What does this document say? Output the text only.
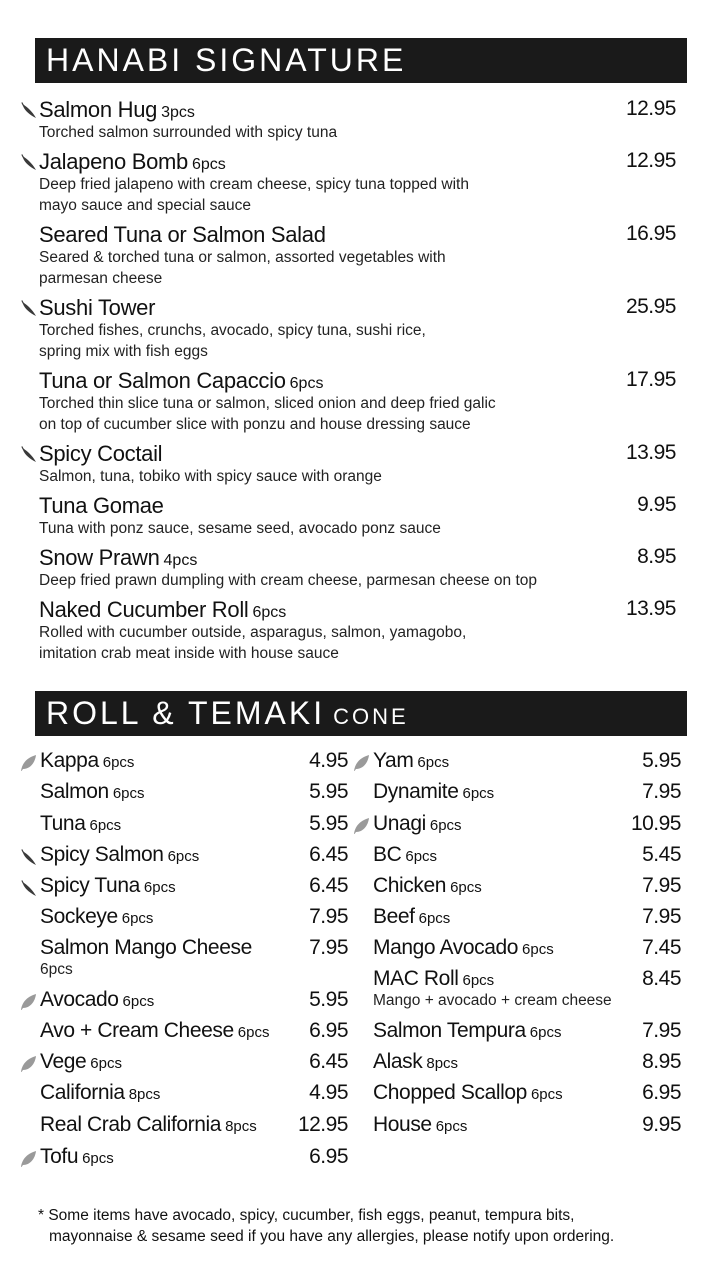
HANABI SIGNATURE
Salmon Hug 3pcs	12.95
Torched salmon surrounded with spicy tuna
Jalapeno Bomb 6pcs	12.95
Deep fried jalapeno with cream cheese, spicy tuna topped with
mayo sauce and special sauce
Seared Tuna or Salmon Salad	16.95
Seared & torched tuna or salmon, assorted vegetables with
parmesan cheese
Sushi Tower	25.95
Torched fishes, crunchs, avocado, spicy tuna, sushi rice,
spring mix with fish eggs
Tuna or Salmon Capaccio 6pcs	17.95
Torched thin slice tuna or salmon, sliced onion and deep fried galic
on top of cucumber slice with ponzu and house dressing sauce
Spicy Coctail	13.95
Salmon, tuna, tobiko with spicy sauce with orange
Tuna Gomae	9.95
Tuna with ponz sauce, sesame seed, avocado ponz sauce
Snow Prawn 4pcs	8.95
Deep fried prawn dumpling with cream cheese, parmesan cheese on top
Naked Cucumber Roll 6pcs	13.95
Rolled with cucumber outside, asparagus, salmon, yamagobo,
imitation crab meat inside with house sauce
ROLL & TEMAKI CONE
Kappa 6pcs	4.95
Salmon 6pcs	5.95
Tuna 6pcs	5.95
Spicy Salmon 6pcs	6.45
Spicy Tuna 6pcs	6.45
Sockeye 6pcs	7.95
Salmon Mango Cheese	7.95
6pcs
Avocado 6pcs	5.95
Avo + Cream Cheese 6pcs 6.95
Vege 6pcs	6.45
California 8pcs	4.95
Real Crab California 8pcs 12.95
Tofu 6pcs	6.95
Yam 6pcs	5.95
Dynamite 6pcs	7.95
Unagi 6pcs	10.95
BC 6pcs	5.45
Chicken 6pcs	7.95
Beef 6pcs	7.95
Mango Avocado 6pcs	7.45
MAC Roll 6pcs	8.45
Mango + avocado + cream cheese
Salmon Tempura 6pcs	7.95
Alask 8pcs	8.95
Chopped Scallop 6pcs	6.95
House 6pcs	9.95
* Some items have avocado, spicy, cucumber, fish eggs, peanut, tempura bits,
mayonnaise & sesame seed if you have any allergies, please notify upon ordering.
